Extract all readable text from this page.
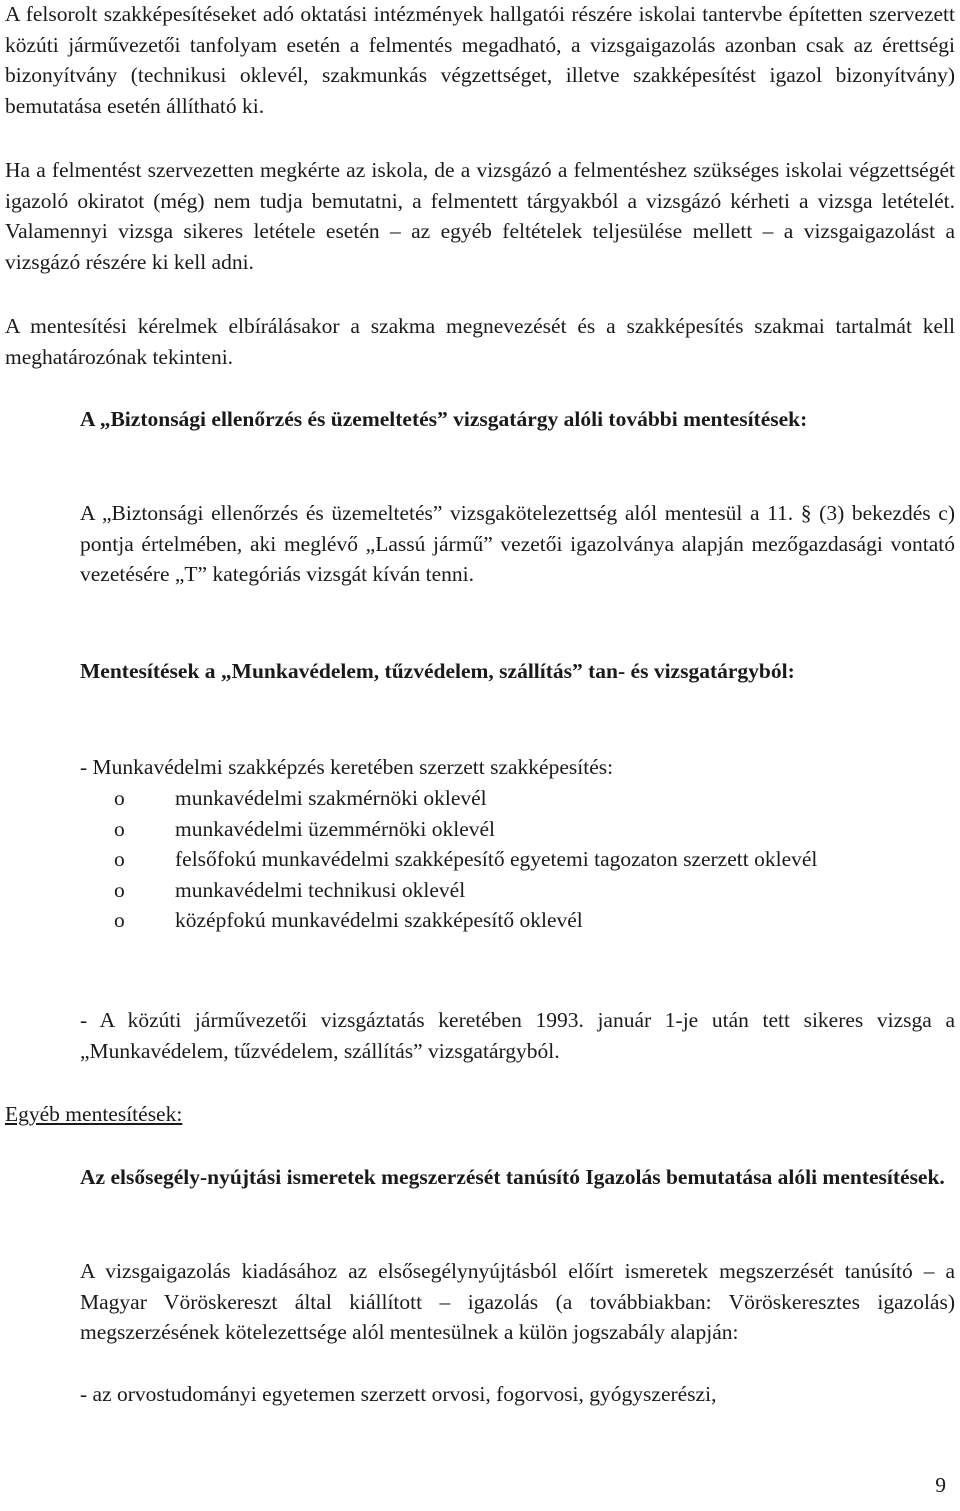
A felsorolt szakképesítéseket adó oktatási intézmények hallgatói részére iskolai tantervbe építetten szervezett közúti járművezetői tanfolyam esetén a felmentés megadható, a vizsgaigazolás azonban csak az érettségi bizonyítvány (technikusi oklevél, szakmunkás végzettséget, illetve szakképesítést igazol bizonyítvány) bemutatása esetén állítható ki.

Ha a felmentést szervezetten megkérte az iskola, de a vizsgázó a felmentéshez szükséges iskolai végzettségét igazoló okiratot (még) nem tudja bemutatni, a felmentett tárgyakból a vizsgázó kérheti a vizsga letételét. Valamennyi vizsga sikeres letétele esetén – az egyéb feltételek teljesülése mellett – a vizsgaigazolást a vizsgázó részére ki kell adni.

A mentesítési kérelmek elbírálásakor a szakma megnevezését és a szakképesítés szakmai tartalmát kell meghatározónak tekinteni.

A „Biztonsági ellenőrzés és üzemeltetés” vizsgatárgy alóli további mentesítések:

A „Biztonsági ellenőrzés és üzemeltetés” vizsgakötelezettség alól mentesül a 11. § (3) bekezdés c) pontja értelmében, aki meglévő „Lassú jármű” vezetői igazolványa alapján mezőgazdasági vontató vezetésére „T” kategóriás vizsgát kíván tenni.

Mentesítések a „Munkavédelem, tűzvédelem, szállítás” tan- és vizsgatárgyból:

- Munkavédelmi szakképzés keretében szerzett szakképesítés:

o munkavédelmi szakmérnöki oklevél
o munkavédelmi üzemmérnöki oklevél
o felsőfokú munkavédelmi szakképesítő egyetemi tagozaton szerzett oklevél
o munkavédelmi technikusi oklevél
o középfokú munkavédelmi szakképesítő oklevél

- A közúti járművezetői vizsgáztatás keretében 1993. január 1-je után tett sikeres vizsga a „Munkavédelem, tűzvédelem, szállítás” vizsgatárgyból.

Egyéb mentesítések:

Az elsősegély-nyújtási ismeretek megszerzését tanúsító Igazolás bemutatása alóli mentesítések.

A vizsgaigazolás kiadásához az elsősegélynyújtásból előírt ismeretek megszerzését tanúsító – a Magyar Vöröskereszt által kiállított – igazolás (a továbbiakban: Vöröskeresztes igazolás) megszerzésének kötelezettsége alól mentesülnek a külön jogszabály alapján:

- az orvostudományi egyetemen szerzett orvosi, fogorvosi, gyógyszerészi,

9
